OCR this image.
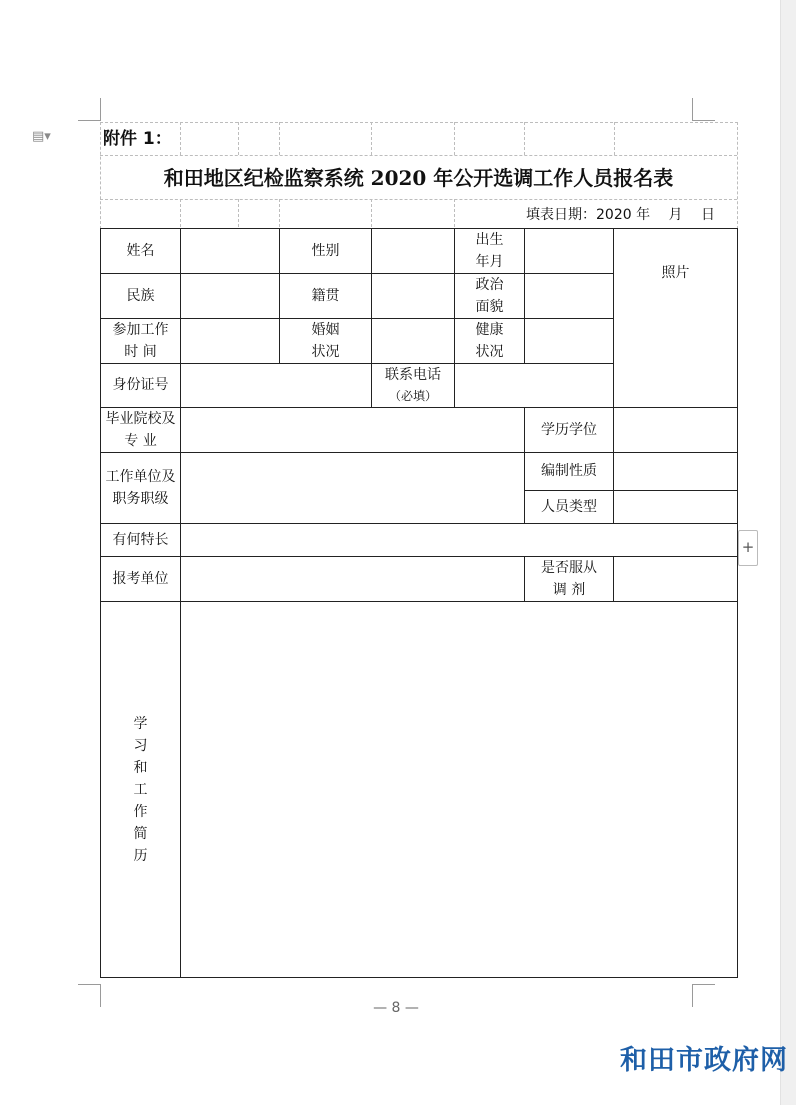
▤▾	附件 1：
和田地区纪检监察系统 2020 年公开选调工作人员报名表
填表日期：2020 年　 月　 日
姓名		性别		出生年月		照片
民族		籍贯		政治面貌		
参加工作时 间		婚姻状况		健康状况		
身份证号			联系电话
（必填）			

毕业院校及专 业					学历学位	
工作单位及职务职级					编制性质	
					人员类型	
有何特长						
报考单位					是否服从调 剂	
学习和工作简历						
+
— 8 —
和田市政府网
